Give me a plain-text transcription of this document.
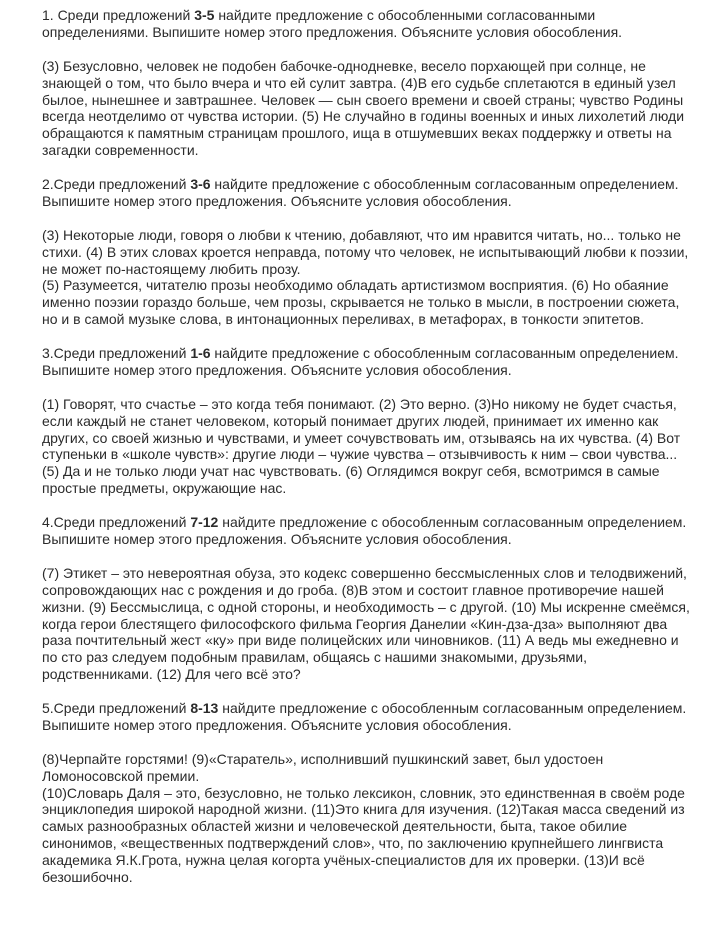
1. Среди предложений 3-5 найдите предложение с обособленными согласованными определениями. Выпишите номер этого предложения. Объясните условия обособления.

(3) Безусловно, человек не подобен бабочке-однодневке, весело порхающей при солнце, не знающей о том, что было вчера и что ей сулит завтра. (4)В его судьбе сплетаются в единый узел былое, нынешнее и завтрашнее. Человек — сын своего времени и своей страны; чувство Родины всегда неотделимо от чувства истории. (5) Не случайно в годины военных и иных лихолетий люди обращаются к памятным страницам прошлого, ища в отшумевших веках поддержку и ответы на загадки современности.

2.Среди предложений 3-6 найдите предложение с обособленным согласованным определением. Выпишите номер этого предложения. Объясните условия обособления.

(3) Некоторые люди, говоря о любви к чтению, добавляют, что им нравится читать, но... только не стихи. (4) В этих словах кроется неправда, потому что человек, не испытывающий любви к поэзии, не может по-настоящему любить прозу.
(5) Разумеется, читателю прозы необходимо обладать артистизмом восприятия. (6) Но обаяние именно поэзии гораздо больше, чем прозы, скрывается не только в мысли, в построении сюжета, но и в самой музыке слова, в интонационных переливах, в метафорах, в тонкости эпитетов.

3.Среди предложений 1-6 найдите предложение с обособленным согласованным определением. Выпишите номер этого предложения. Объясните условия обособления.

(1) Говорят, что счастье – это когда тебя понимают. (2) Это верно. (3)Но никому не будет счастья, если каждый не станет человеком, который понимает других людей, принимает их именно как других, со своей жизнью и чувствами, и умеет сочувствовать им, отзываясь на их чувства. (4) Вот ступеньки в «школе чувств»: другие люди – чужие чувства – отзывчивость к ним – свои чувства...
(5) Да и не только люди учат нас чувствовать. (6) Оглядимся вокруг себя, всмотримся в самые простые предметы, окружающие нас.

4.Среди предложений 7-12 найдите предложение с обособленным согласованным определением. Выпишите номер этого предложения. Объясните условия обособления.

(7) Этикет – это невероятная обуза, это кодекс совершенно бессмысленных слов и телодвижений, сопровождающих нас с рождения и до гроба. (8)В этом и состоит главное противоречие нашей жизни. (9) Бессмыслица, с одной стороны, и необходимость – с другой. (10) Мы искренне смеёмся, когда герои блестящего философского фильма Георгия Данелии «Кин-дза-дза» выполняют два раза почтительный жест «ку» при виде полицейских или чиновников. (11) А ведь мы ежедневно и по сто раз следуем подобным правилам, общаясь с нашими знакомыми, друзьями, родственниками. (12) Для чего всё это?

5.Среди предложений 8-13 найдите предложение с обособленным согласованным определением. Выпишите номер этого предложения. Объясните условия обособления.

(8)Черпайте горстями! (9)«Старатель», исполнивший пушкинский завет, был удостоен Ломоносовской премии.
(10)Словарь Даля – это, безусловно, не только лексикон, словник, это единственная в своём роде энциклопедия широкой народной жизни. (11)Это книга для изучения. (12)Такая масса сведений из самых разнообразных областей жизни и человеческой деятельности, быта, такое обилие синонимов, «вещественных подтверждений слов», что, по заключению крупнейшего лингвиста академика Я.К.Грота, нужна целая когорта учёных-специалистов для их проверки. (13)И всё безошибочно.
